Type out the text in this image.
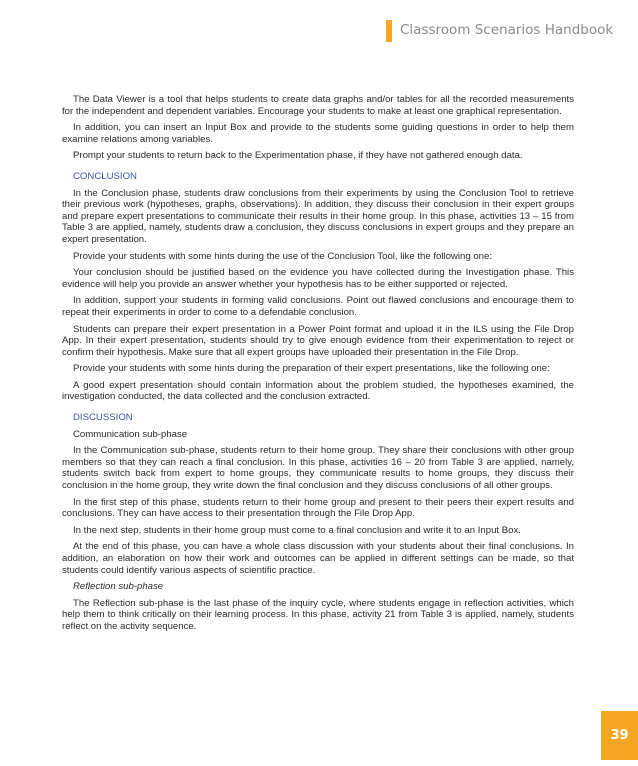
Classroom Scenarios Handbook

The Data Viewer is a tool that helps students to create data graphs and/or tables for all the recorded measurements for the independent and dependent variables. Encourage your students to make at least one graphical representation.

In addition, you can insert an Input Box and provide to the students some guiding questions in order to help them examine relations among variables.

Prompt your students to return back to the Experimentation phase, if they have not gathered enough data.

CONCLUSION

In the Conclusion phase, students draw conclusions from their experiments by using the Conclusion Tool to retrieve their previous work (hypotheses, graphs, observations). In addition, they discuss their conclusion in their expert groups and prepare expert presentations to communicate their results in their home group. In this phase, activities 13 – 15 from Table 3 are applied, namely, students draw a conclusion, they discuss conclusions in expert groups and they prepare an expert presentation.

Provide your students with some hints during the use of the Conclusion Tool, like the following one:

Your conclusion should be justified based on the evidence you have collected during the Investigation phase. This evidence will help you provide an answer whether your hypothesis has to be either supported or rejected.

In addition, support your students in forming valid conclusions. Point out flawed conclusions and encourage them to repeat their experiments in order to come to a defendable conclusion.

Students can prepare their expert presentation in a Power Point format and upload it in the ILS using the File Drop App. In their expert presentation, students should try to give enough evidence from their experimentation to reject or confirm their hypothesis. Make sure that all expert groups have uploaded their presentation in the File Drop.

Provide your students with some hints during the preparation of their expert presentations, like the following one:

A good expert presentation should contain information about the problem studied, the hypotheses examined, the investigation conducted, the data collected and the conclusion extracted.

DISCUSSION
Communication sub-phase

In the Communication sub-phase, students return to their home group. They share their conclusions with other group members so that they can reach a final conclusion. In this phase, activities 16 – 20 from Table 3 are applied, namely, students switch back from expert to home groups, they communicate results to home groups, they discuss their conclusion in the home group, they write down the final conclusion and they discuss conclusions of all other groups.

In the first step of this phase, students return to their home group and present to their peers their expert results and conclusions. They can have access to their presentation through the File Drop App.

In the next step, students in their home group must come to a final conclusion and write it to an Input Box.

At the end of this phase, you can have a whole class discussion with your students about their final conclusions. In addition, an elaboration on how their work and outcomes can be applied in different settings can be made, so that students could identify various aspects of scientific practice.

Reflection sub-phase

The Reflection sub-phase is the last phase of the inquiry cycle, where students engage in reflection activities, which help them to think critically on their learning process. In this phase, activity 21 from Table 3 is applied, namely, students reflect on the activity sequence.

39
